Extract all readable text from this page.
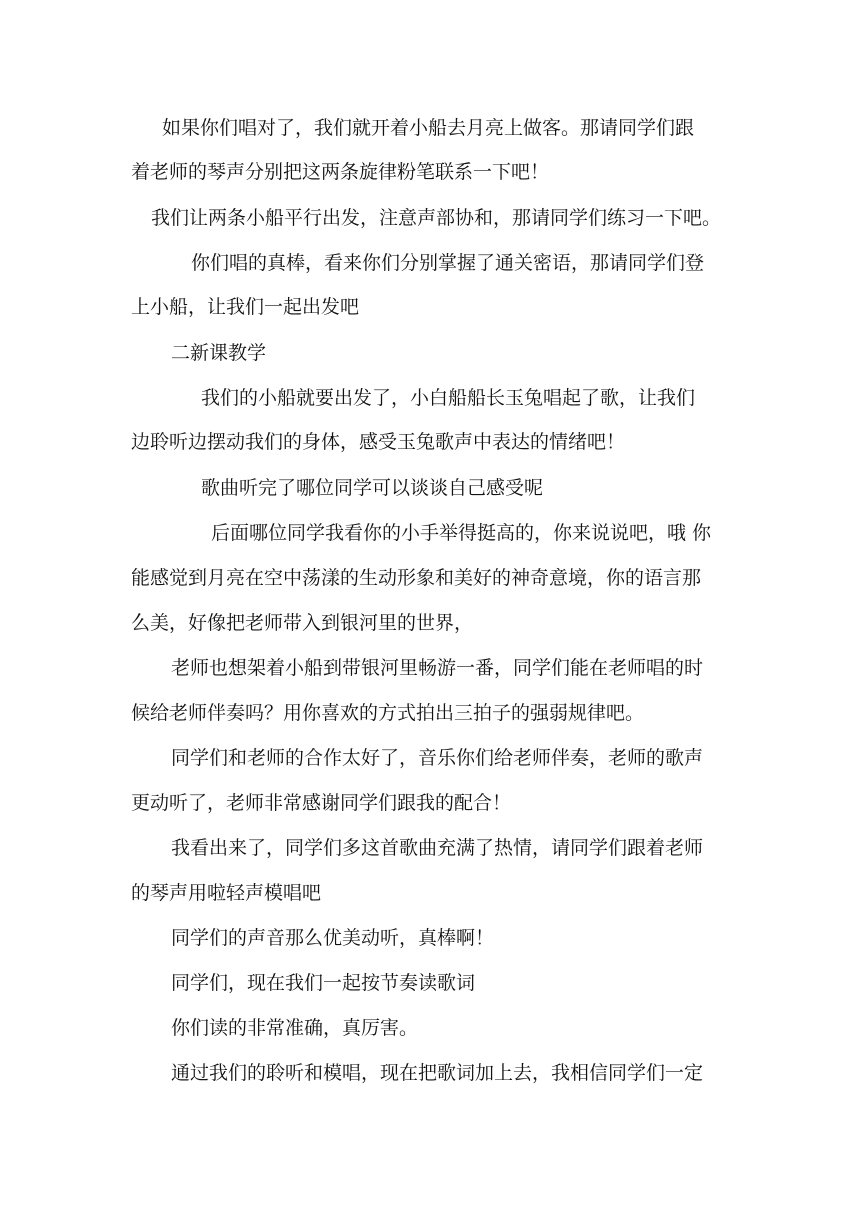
如果你们唱对了，我们就开着小船去月亮上做客。那请同学们跟

着老师的琴声分别把这两条旋律粉笔联系一下吧！

我们让两条小船平行出发，注意声部协和，那请同学们练习一下吧。

你们唱的真棒，看来你们分别掌握了通关密语，那请同学们登

上小船，让我们一起出发吧

二新课教学

我们的小船就要出发了，小白船船长玉兔唱起了歌，让我们

边聆听边摆动我们的身体，感受玉兔歌声中表达的情绪吧！

歌曲听完了哪位同学可以谈谈自己感受呢

后面哪位同学我看你的小手举得挺高的，你来说说吧，哦 你

能感觉到月亮在空中荡漾的生动形象和美好的神奇意境，你的语言那

么美，好像把老师带入到银河里的世界，

老师也想架着小船到带银河里畅游一番，同学们能在老师唱的时

候给老师伴奏吗？用你喜欢的方式拍出三拍子的强弱规律吧。

同学们和老师的合作太好了，音乐你们给老师伴奏，老师的歌声

更动听了，老师非常感谢同学们跟我的配合！

我看出来了，同学们多这首歌曲充满了热情，请同学们跟着老师

的琴声用啦轻声模唱吧

同学们的声音那么优美动听，真棒啊！

同学们，现在我们一起按节奏读歌词

你们读的非常准确，真厉害。

通过我们的聆听和模唱，现在把歌词加上去，我相信同学们一定
